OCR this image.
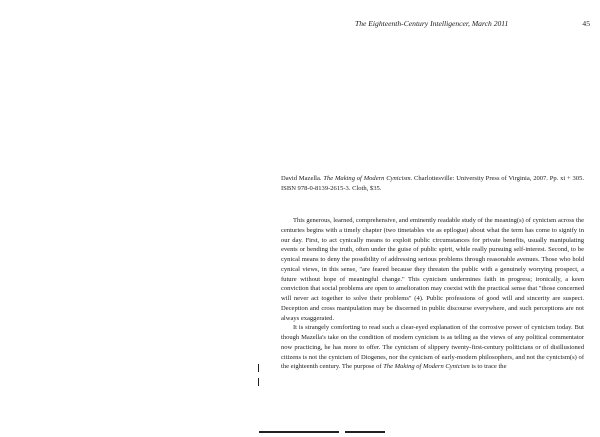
The Eighteenth-Century Intelligencer, March 2011	45
David Mazella. The Making of Modern Cynicism. Charlottesville: University Press of Virginia, 2007. Pp. xi + 305. ISBN 978-0-8139-2615-3. Cloth, $35.

This generous, learned, comprehensive, and eminently readable study of the meaning(s) of cynicism across the centuries begins with a timely chapter (two timetables vie as epilogue) about what the term has come to signify in our day. First, to act cynically means to exploit public circumstances for private benefits, usually manipulating events or bending the truth, often under the guise of public spirit, while really pursuing self-interest. Second, to be cynical means to deny the possibility of addressing serious problems through reasonable avenues. Those who hold cynical views, in this sense, "are feared because they threaten the public with a genuinely worrying prospect, a future without hope of meaningful change." This cynicism undermines faith in progress; ironically, a keen conviction that social problems are open to amelioration may coexist with the practical sense that "those concerned will never act together to solve their problems" (4). Public professions of good will and sincerity are suspect. Deception and cross manipulation may be discerned in public discourse everywhere, and such perceptions are not always exaggerated.

It is strangely comforting to read such a clear-eyed explanation of the corrosive power of cynicism today. But though Mazella's take on the condition of modern cynicism is as telling as the views of any political commentator now practicing, he has more to offer. The cynicism of slippery twenty-first-century politicians or of disillusioned citizens is not the cynicism of Diogenes, nor the cynicism of early-modern philosophers, and not the cynicism(s) of the eighteenth century. The purpose of The Making of Modern Cynicism is to trace the
